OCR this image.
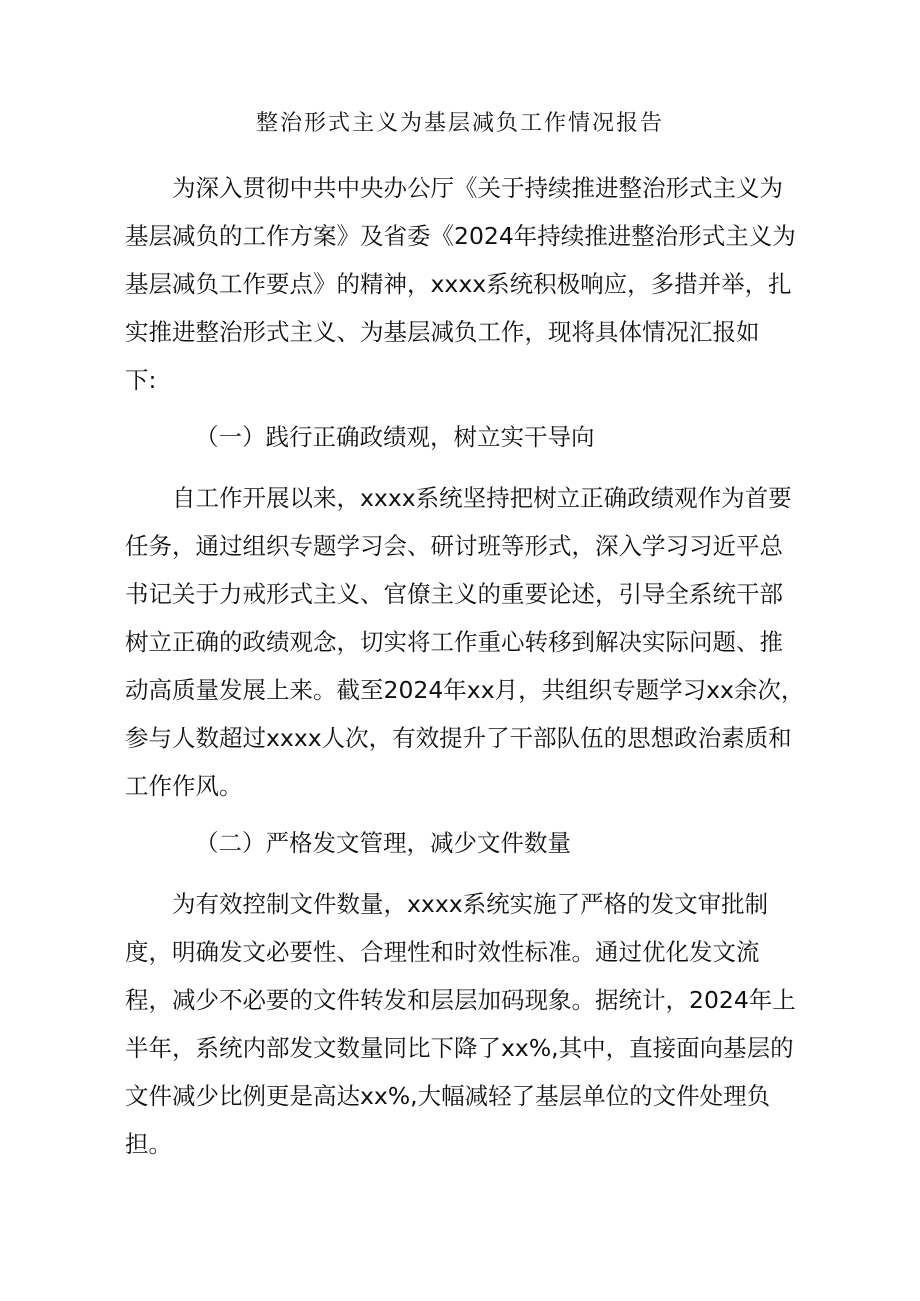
整治形式主义为基层减负工作情况报告
为深入贯彻中共中央办公厅《关于持续推进整治形式主义为
基层减负的工作方案》及省委《2024年持续推进整治形式主义为
基层减负工作要点》的精神，xxxx系统积极响应，多措并举，扎
实推进整治形式主义、为基层减负工作，现将具体情况汇报如
下:
（一）践行正确政绩观，树立实干导向
自工作开展以来，xxxx系统坚持把树立正确政绩观作为首要
任务，通过组织专题学习会、研讨班等形式，深入学习习近平总
书记关于力戒形式主义、官僚主义的重要论述，引导全系统干部
树立正确的政绩观念，切实将工作重心转移到解决实际问题、推
动高质量发展上来。截至2024年xx月，共组织专题学习xx余次，
参与人数超过xxxx人次，有效提升了干部队伍的思想政治素质和
工作作风。
（二）严格发文管理，减少文件数量
为有效控制文件数量，xxxx系统实施了严格的发文审批制
度，明确发文必要性、合理性和时效性标准。通过优化发文流
程，减少不必要的文件转发和层层加码现象。据统计，2024年上
半年，系统内部发文数量同比下降了xx%,其中，直接面向基层的
文件减少比例更是高达xx%,大幅减轻了基层单位的文件处理负
担。
